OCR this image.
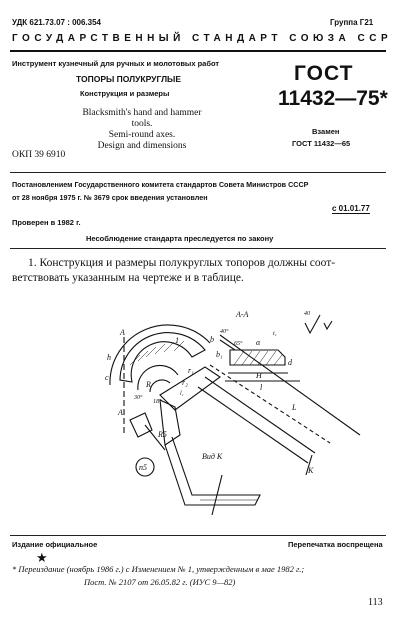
УДК 621.73.07 : 006.354	Группа Г21
ГОСУДАРСТВЕННЫЙ СТАНДАРТ СОЮЗА ССР
Инструмент кузнечный для ручных и молотовых работ
ТОПОРЫ ПОЛУКРУГЛЫЕ
Конструкция и размеры
Blacksmith's hand and hammer tools.
Semi-round axes.
Design and dimensions
ОКП 39 6910
ГОСТ
11432—75*
Взамен
ГОСТ 11432—65
Постановлением Государственного комитета стандартов Совета Министров СССР
от 28 ноября 1975 г. № 3679 срок введения установлен
с 01.01.77
Проверен в 1982 г.
Несоблюдение стандарта преследуется по закону
1. Конструкция и размеры полукруглых топоров должны соот-
ветствовать указанным на чертеже и в таблице.
А-А	40
А
А
1
h
c
r₁
r₂
R
R5
L
l
H
d
K
Вид К
b
b₁
65° α
n5
18°
30°
40°	t₁
l₁
Издание официальное	Перепечатка воспрещена
★
* Переиздание (ноябрь 1986 г.) с Изменением № 1, утвержденным в мае 1982 г.;
Пост. № 2107 от 26.05.82 г. (ИУС 9—82)
113
